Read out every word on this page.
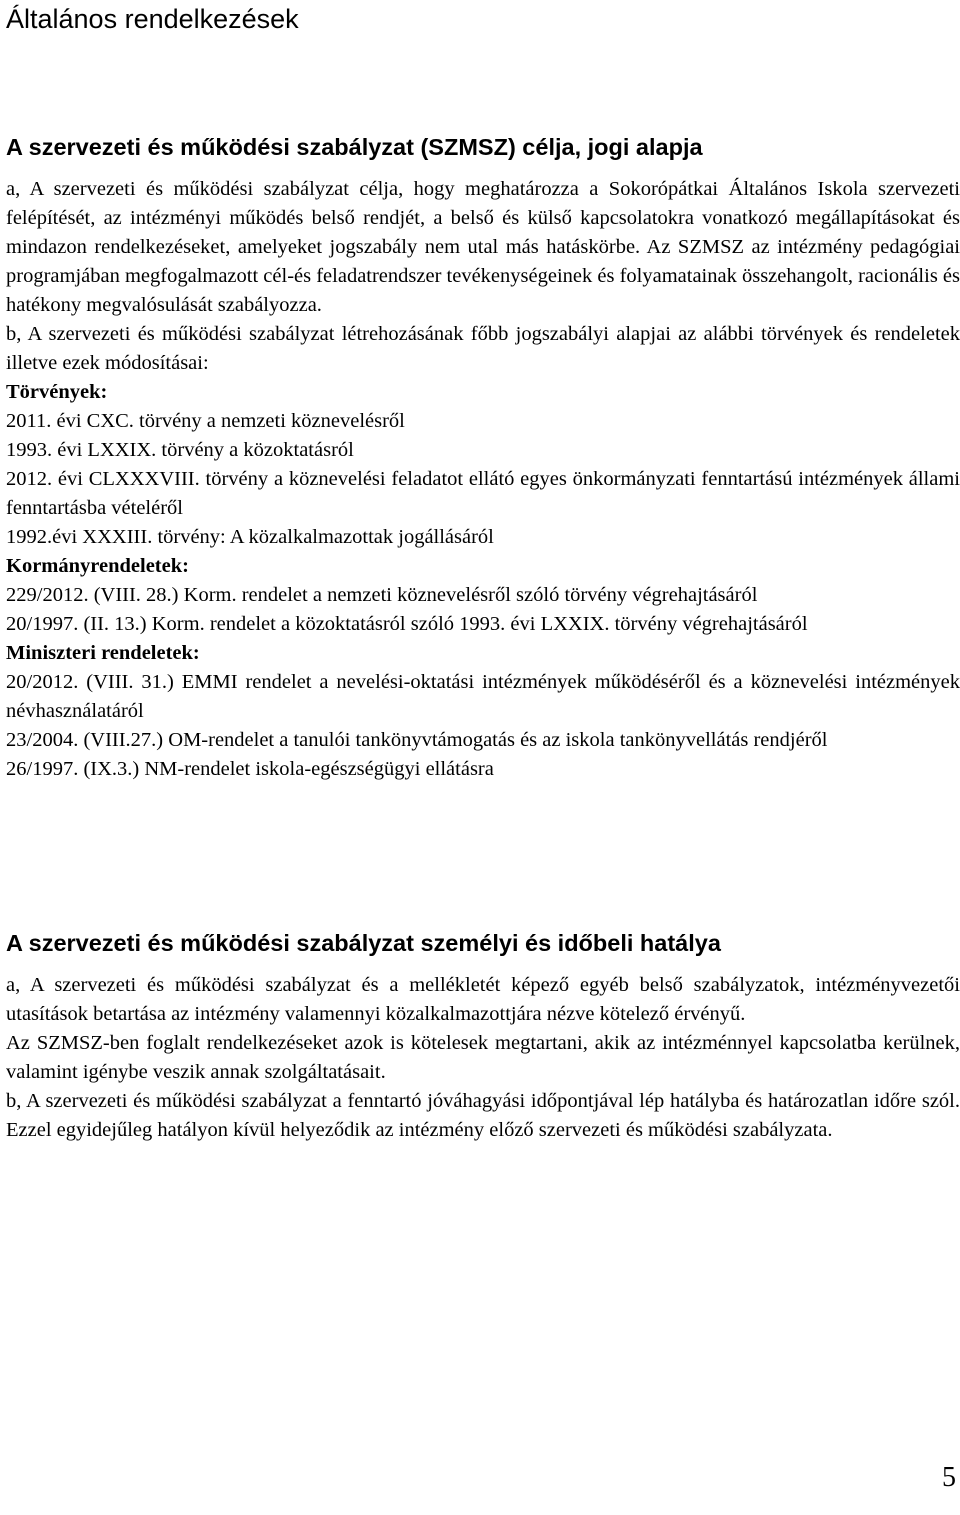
Általános rendelkezések
A szervezeti és működési szabályzat (SZMSZ) célja, jogi alapja

a, A szervezeti és működési szabályzat célja, hogy meghatározza a Sokorópátkai Általános Iskola szervezeti felépítését, az intézményi működés belső rendjét, a belső és külső kapcsolatokra vonatkozó megállapításokat és mindazon rendelkezéseket, amelyeket jogszabály nem utal más hatáskörbe. Az SZMSZ az intézmény pedagógiai programjában megfogalmazott cél-és feladatrendszer tevékenységeinek és folyamatainak összehangolt, racionális és hatékony megvalósulását szabályozza.

b, A szervezeti és működési szabályzat létrehozásának főbb jogszabályi alapjai az alábbi törvények és rendeletek illetve ezek módosításai:

Törvények:

2011. évi CXC. törvény a nemzeti köznevelésről

1993. évi LXXIX. törvény a közoktatásról

2012. évi CLXXXVIII. törvény a köznevelési feladatot ellátó egyes önkormányzati fenntartású intézmények állami fenntartásba vételéről

1992.évi XXXIII. törvény: A közalkalmazottak jogállásáról

Kormányrendeletek:

229/2012. (VIII. 28.) Korm. rendelet a nemzeti köznevelésről szóló törvény végrehajtásáról

20/1997. (II. 13.) Korm. rendelet a közoktatásról szóló 1993. évi LXXIX. törvény végrehajtásáról

Miniszteri rendeletek:

20/2012. (VIII. 31.) EMMI rendelet a nevelési-oktatási intézmények működéséről és a köznevelési intézmények névhasználatáról

23/2004. (VIII.27.) OM-rendelet a tanulói tankönyvtámogatás és az iskola tankönyvellátás rendjéről

26/1997. (IX.3.) NM-rendelet iskola-egészségügyi ellátásra

A szervezeti és működési szabályzat személyi és időbeli hatálya

a, A szervezeti és működési szabályzat és a mellékletét képező egyéb belső szabályzatok, intézményvezetői utasítások betartása az intézmény valamennyi közalkalmazottjára nézve kötelező érvényű.

Az SZMSZ-ben foglalt rendelkezéseket azok is kötelesek megtartani, akik az intézménnyel kapcsolatba kerülnek, valamint igénybe veszik annak szolgáltatásait.

b, A szervezeti és működési szabályzat a fenntartó jóváhagyási időpontjával lép hatályba és határozatlan időre szól. Ezzel egyidejűleg hatályon kívül helyeződik az intézmény előző szervezeti és működési szabályzata.

5
